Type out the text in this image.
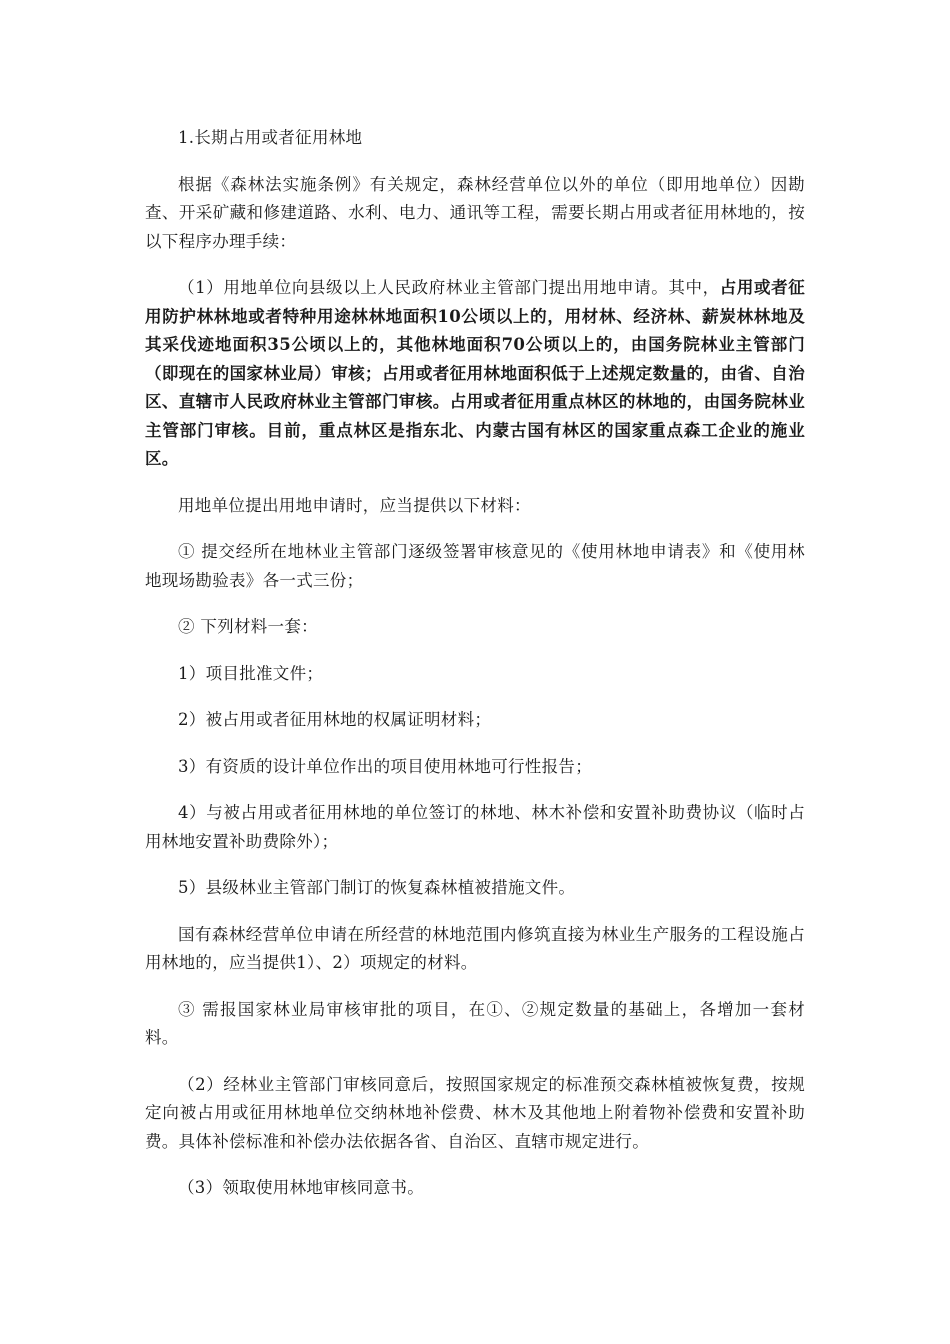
1.长期占用或者征用林地

根据《森林法实施条例》有关规定，森林经营单位以外的单位（即用地单位）因勘查、开采矿藏和修建道路、水利、电力、通讯等工程，需要长期占用或者征用林地的，按以下程序办理手续：

（1）用地单位向县级以上人民政府林业主管部门提出用地申请。其中，占用或者征用防护林林地或者特种用途林林地面积10公顷以上的，用材林、经济林、薪炭林林地及其采伐迹地面积35公顷以上的，其他林地面积70公顷以上的，由国务院林业主管部门（即现在的国家林业局）审核；占用或者征用林地面积低于上述规定数量的，由省、自治区、直辖市人民政府林业主管部门审核。占用或者征用重点林区的林地的，由国务院林业主管部门审核。目前，重点林区是指东北、内蒙古国有林区的国家重点森工企业的施业区。

用地单位提出用地申请时，应当提供以下材料：

① 提交经所在地林业主管部门逐级签署审核意见的《使用林地申请表》和《使用林地现场勘验表》各一式三份；

② 下列材料一套：

1）项目批准文件；

2）被占用或者征用林地的权属证明材料；

3）有资质的设计单位作出的项目使用林地可行性报告；

4）与被占用或者征用林地的单位签订的林地、林木补偿和安置补助费协议（临时占用林地安置补助费除外）；

5）县级林业主管部门制订的恢复森林植被措施文件。

国有森林经营单位申请在所经营的林地范围内修筑直接为林业生产服务的工程设施占用林地的，应当提供1）、2）项规定的材料。

③ 需报国家林业局审核审批的项目，在①、②规定数量的基础上，各增加一套材料。

（2）经林业主管部门审核同意后，按照国家规定的标准预交森林植被恢复费，按规定向被占用或征用林地单位交纳林地补偿费、林木及其他地上附着物补偿费和安置补助费。具体补偿标准和补偿办法依据各省、自治区、直辖市规定进行。

（3）领取使用林地审核同意书。
